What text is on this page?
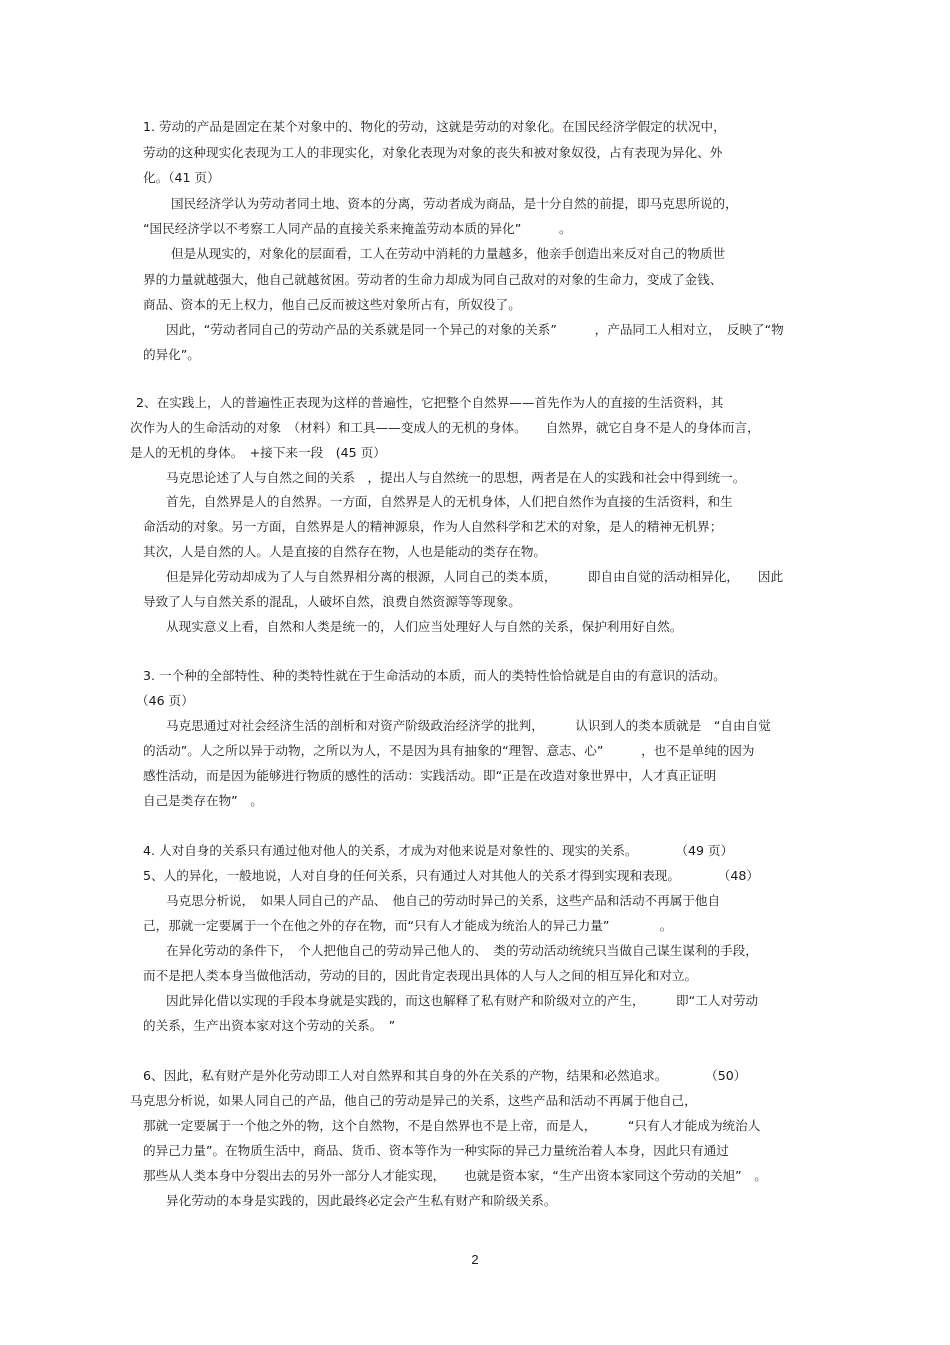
1. 劳动的产品是固定在某个对象中的、物化的劳动，这就是劳动的对象化。在国民经济学假定的状况中，
劳动的这种现实化表现为工人的非现实化，对象化表现为对象的丧失和被对象奴役，占有表现为异化、外
化。（41 页）
国民经济学认为劳动者同土地、资本的分离，劳动者成为商品，是十分自然的前提，即马克思所说的，
“国民经济学以不考察工人同产品的直接关系来掩盖劳动本质的异化”　　　。
但是从现实的，对象化的层面看，工人在劳动中消耗的力量越多，他亲手创造出来反对自己的物质世
界的力量就越强大，他自己就越贫困。劳动者的生命力却成为同自己敌对的对象的生命力，变成了金钱、
商品、资本的无上权力，他自己反而被这些对象所占有，所奴役了。
因此，“劳动者同自己的劳动产品的关系就是同一个异己的对象的关系”　　　，产品同工人相对立，　反映了“物
的异化”。
2、在实践上，人的普遍性正表现为这样的普遍性，它把整个自然界——首先作为人的直接的生活资料，其
次作为人的生命活动的对象　（材料）和工具——变成人的无机的身体。　　自然界，就它自身不是人的身体而言，
是人的无机的身体。　+接下来一段　(45 页）
马克思论述了人与自然之间的关系　，提出人与自然统一的思想，两者是在人的实践和社会中得到统一。
首先，自然界是人的自然界。一方面，自然界是人的无机身体，人们把自然作为直接的生活资料，和生
命活动的对象。另一方面，自然界是人的精神源泉，作为人自然科学和艺术的对象，是人的精神无机界；
其次，人是自然的人。人是直接的自然存在物，人也是能动的类存在物。
但是异化劳动却成为了人与自然界相分离的根源，人同自己的类本质，　　　即自由自觉的活动相异化，　　因此
导致了人与自然关系的混乱，人破坏自然，浪费自然资源等等现象。
从现实意义上看，自然和人类是统一的，人们应当处理好人与自然的关系，保护利用好自然。
3. 一个种的全部特性、种的类特性就在于生命活动的本质，而人的类特性恰恰就是自由的有意识的活动。
（46 页）
马克思通过对社会经济生活的剖析和对资产阶级政治经济学的批判，　　　认识到人的类本质就是　“自由自觉
的活动”。人之所以异于动物，之所以为人，不是因为具有抽象的“理智、意志、心”　　　，也不是单纯的因为
感性活动，而是因为能够进行物质的感性的活动：实践活动。即“正是在改造对象世界中，人才真正证明
自己是类存在物”　。
4. 人对自身的关系只有通过他对他人的关系，才成为对他来说是对象性的、现实的关系。　　　　（49 页）
5、人的异化，一般地说，人对自身的任何关系，只有通过人对其他人的关系才得到实现和表现。　　　　（48）
马克思分析说，　如果人同自己的产品、　他自己的劳动时异己的关系，这些产品和活动不再属于他自
己，那就一定要属于一个在他之外的存在物，而“只有人才能成为统治人的异己力量”　　　　。
在异化劳动的条件下，　个人把他自己的劳动异己他人的、　类的劳动活动统统只当做自己谋生谋利的手段，
而不是把人类本身当做他活动，劳动的目的，因此肯定表现出具体的人与人之间的相互异化和对立。
因此异化借以实现的手段本身就是实践的，而这也解释了私有财产和阶级对立的产生，　　　即“工人对劳动
的关系，生产出资本家对这个劳动的关系。　”
6、因此，私有财产是外化劳动即工人对自然界和其自身的外在关系的产物，结果和必然追求。　　　　（50）
马克思分析说，如果人同自己的产品，他自己的劳动是异己的关系，这些产品和活动不再属于他自己，
那就一定要属于一个他之外的物，这个自然物，不是自然界也不是上帝，而是人，　　　“只有人才能成为统治人
的异己力量”。在物质生活中，商品、货币、资本等作为一种实际的异己力量统治着人本身，因此只有通过
那些从人类本身中分裂出去的另外一部分人才能实现，　　也就是资本家，“生产出资本家同这个劳动的关旭”　。
异化劳动的本身是实践的，因此最终必定会产生私有财产和阶级关系。
2
